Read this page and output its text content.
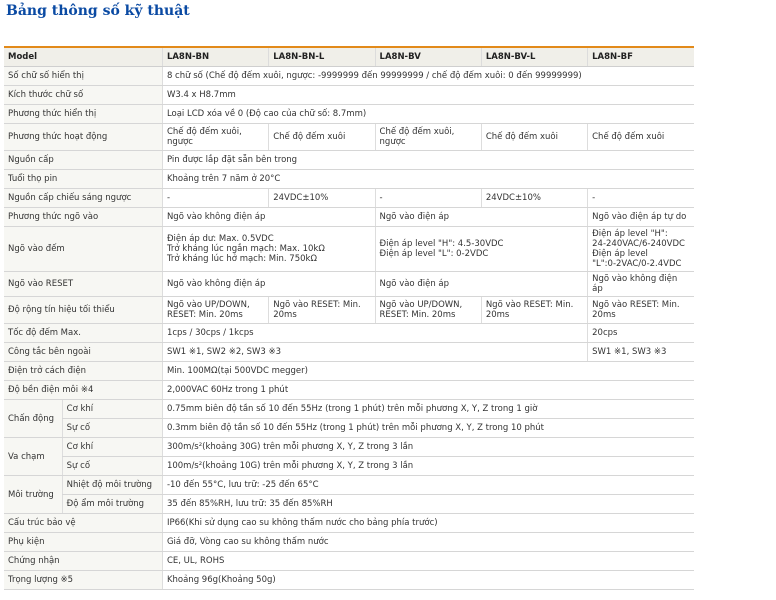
Bảng thông số kỹ thuật
Model		LA8N-BN	LA8N-BN-L	LA8N-BV	LA8N-BV-L	LA8N-BF
Số chữ số hiển thị		8 chữ số (Chế độ đếm xuôi, ngược: -9999999 đến 99999999 / chế độ đếm xuôi: 0 đến 99999999)				
Kích thước chữ số		W3.4 x H8.7mm				
Phương thức hiển thị		Loại LCD xóa về 0 (Độ cao của chữ số: 8.7mm)				
Phương thức hoạt động		Chế độ đếm xuôi, ngược	Chế độ đếm xuôi	Chế độ đếm xuôi, ngược	Chế độ đếm xuôi	Chế độ đếm xuôi
Nguồn cấp		Pin được lắp đặt sẵn bên trong				
Tuổi thọ pin		Khoảng trên 7 năm ở 20°C				
Nguồn cấp chiếu sáng ngược		-	24VDC±10%	-	24VDC±10%	-
Phương thức ngõ vào		Ngõ vào không điện áp		Ngõ vào điện áp		Ngõ vào điện áp tự do
Ngõ vào đếm		Điện áp dư: Max. 0.5VDC
Trở kháng lúc ngắn mạch: Max. 10kΩ
Trở kháng lúc hở mạch: Min. 750kΩ		Điện áp level "H": 4.5-30VDC
Điện áp level "L": 0-2VDC		Điện áp level "H":
24-240VAC/6-240VDC
Điện áp level
"L":0-2VAC/0-2.4VDC
Ngõ vào RESET		Ngõ vào không điện áp		Ngõ vào điện áp		Ngõ vào không điện áp
Độ rộng tín hiệu tối thiểu		Ngõ vào UP/DOWN, RESET: Min. 20ms	Ngõ vào RESET: Min. 20ms	Ngõ vào UP/DOWN, RESET: Min. 20ms	Ngõ vào RESET: Min. 20ms	Ngõ vào RESET: Min. 20ms
Tốc độ đếm Max.		1cps / 30cps / 1kcps				20cps
Công tắc bên ngoài		SW1 ※1, SW2 ※2, SW3 ※3				SW1 ※1, SW3 ※3
Điện trở cách điện		Min. 100MΩ(tại 500VDC megger)				
Độ bền điện môi ※4		2,000VAC 60Hz trong 1 phút				
Chấn động	Cơ khí	0.75mm biên độ tần số 10 đến 55Hz (trong 1 phút) trên mỗi phương X, Y, Z trong 1 giờ				
	Sự cố	0.3mm biên độ tần số 10 đến 55Hz (trong 1 phút) trên mỗi phương X, Y, Z trong 10 phút				
Va chạm	Cơ khí	300m/s²(khoảng 30G) trên mỗi phương X, Y, Z trong 3 lần				
	Sự cố	100m/s²(khoảng 10G) trên mỗi phương X, Y, Z trong 3 lần				
Môi trường	Nhiệt độ môi trường	-10 đến 55°C, lưu trữ: -25 đến 65°C				
	Độ ẩm môi trường	35 đến 85%RH, lưu trữ: 35 đến 85%RH				
Cấu trúc bảo vệ		IP66(Khi sử dụng cao su không thấm nước cho bảng phía trước)				
Phụ kiện		Giá đỡ, Vòng cao su không thấm nước				
Chứng nhận		CE, UL, ROHS				
Trọng lượng ※5		Khoảng 96g(Khoảng 50g)				
